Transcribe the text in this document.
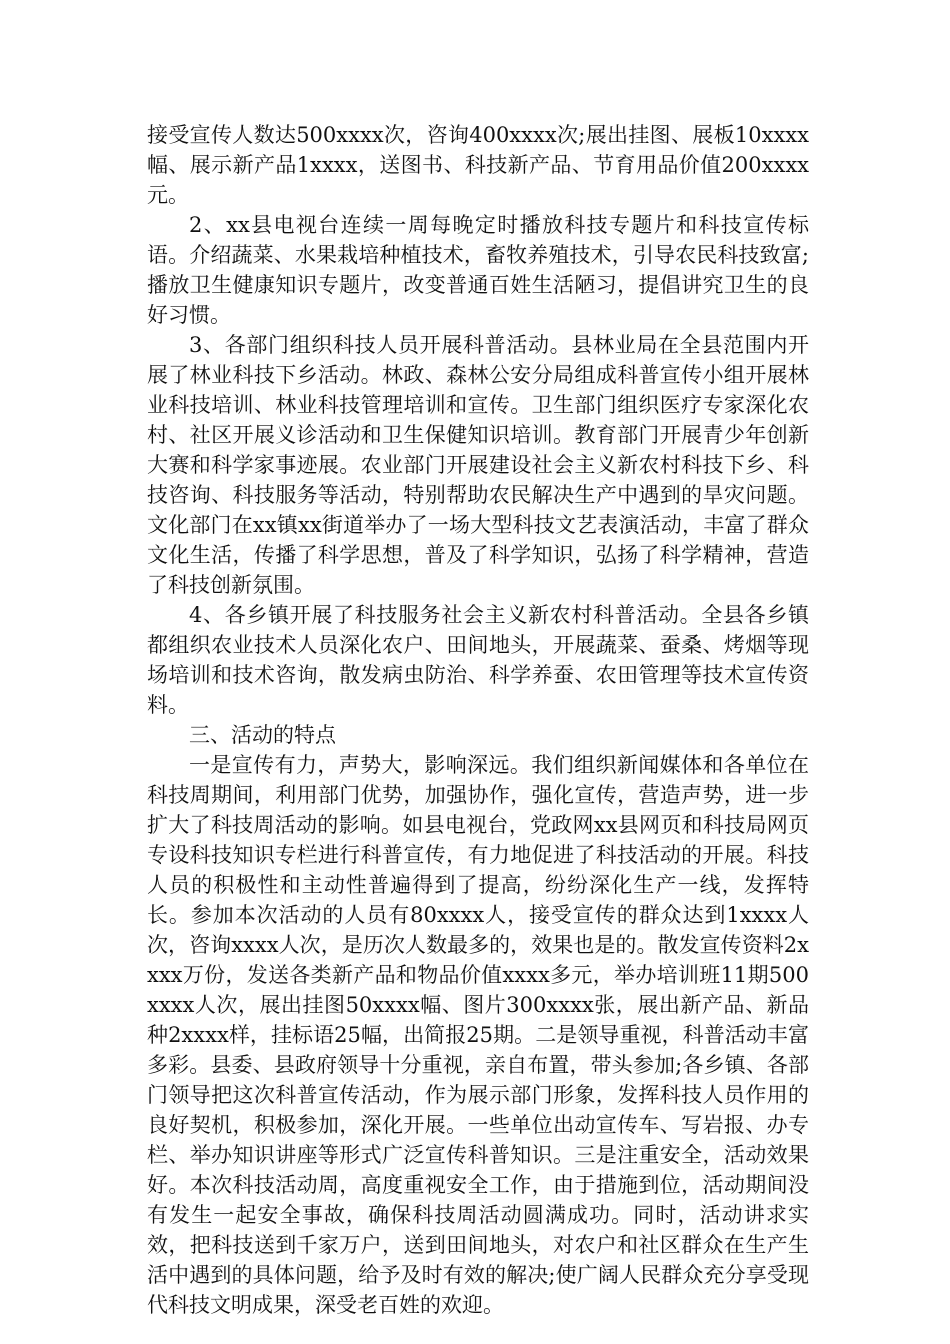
接受宣传人数达500xxxx次，咨询400xxxx次;展出挂图、展板10xxxx幅、展示新产品1xxxx，送图书、科技新产品、节育用品价值200xxxx元。

2、xx县电视台连续一周每晚定时播放科技专题片和科技宣传标语。介绍蔬菜、水果栽培种植技术，畜牧养殖技术，引导农民科技致富;播放卫生健康知识专题片，改变普通百姓生活陋习，提倡讲究卫生的良好习惯。

3、各部门组织科技人员开展科普活动。县林业局在全县范围内开展了林业科技下乡活动。林政、森林公安分局组成科普宣传小组开展林业科技培训、林业科技管理培训和宣传。卫生部门组织医疗专家深化农村、社区开展义诊活动和卫生保健知识培训。教育部门开展青少年创新大赛和科学家事迹展。农业部门开展建设社会主义新农村科技下乡、科技咨询、科技服务等活动，特别帮助农民解决生产中遇到的旱灾问题。文化部门在xx镇xx街道举办了一场大型科技文艺表演活动，丰富了群众文化生活，传播了科学思想，普及了科学知识，弘扬了科学精神，营造了科技创新氛围。

4、各乡镇开展了科技服务社会主义新农村科普活动。全县各乡镇都组织农业技术人员深化农户、田间地头，开展蔬菜、蚕桑、烤烟等现场培训和技术咨询，散发病虫防治、科学养蚕、农田管理等技术宣传资料。

三、活动的特点

一是宣传有力，声势大，影响深远。我们组织新闻媒体和各单位在科技周期间，利用部门优势，加强协作，强化宣传，营造声势，进一步扩大了科技周活动的影响。如县电视台，党政网xx县网页和科技局网页专设科技知识专栏进行科普宣传，有力地促进了科技活动的开展。科技人员的积极性和主动性普遍得到了提高，纷纷深化生产一线，发挥特长。参加本次活动的人员有80xxxx人，接受宣传的群众达到1xxxx人次，咨询xxxx人次，是历次人数最多的，效果也是的。散发宣传资料2xxxx万份，发送各类新产品和物品价值xxxx多元，举办培训班11期500xxxx人次，展出挂图50xxxx幅、图片300xxxx张，展出新产品、新品种2xxxx样，挂标语25幅，出简报25期。二是领导重视，科普活动丰富多彩。县委、县政府领导十分重视，亲自布置，带头参加;各乡镇、各部门领导把这次科普宣传活动，作为展示部门形象，发挥科技人员作用的良好契机，积极参加，深化开展。一些单位出动宣传车、写岩报、办专栏、举办知识讲座等形式广泛宣传科普知识。三是注重安全，活动效果好。本次科技活动周，高度重视安全工作，由于措施到位，活动期间没有发生一起安全事故，确保科技周活动圆满成功。同时，活动讲求实效，把科技送到千家万户，送到田间地头，对农户和社区群众在生产生活中遇到的具体问题，给予及时有效的解决;使广阔人民群众充分享受现代科技文明成果，深受老百姓的欢迎。
